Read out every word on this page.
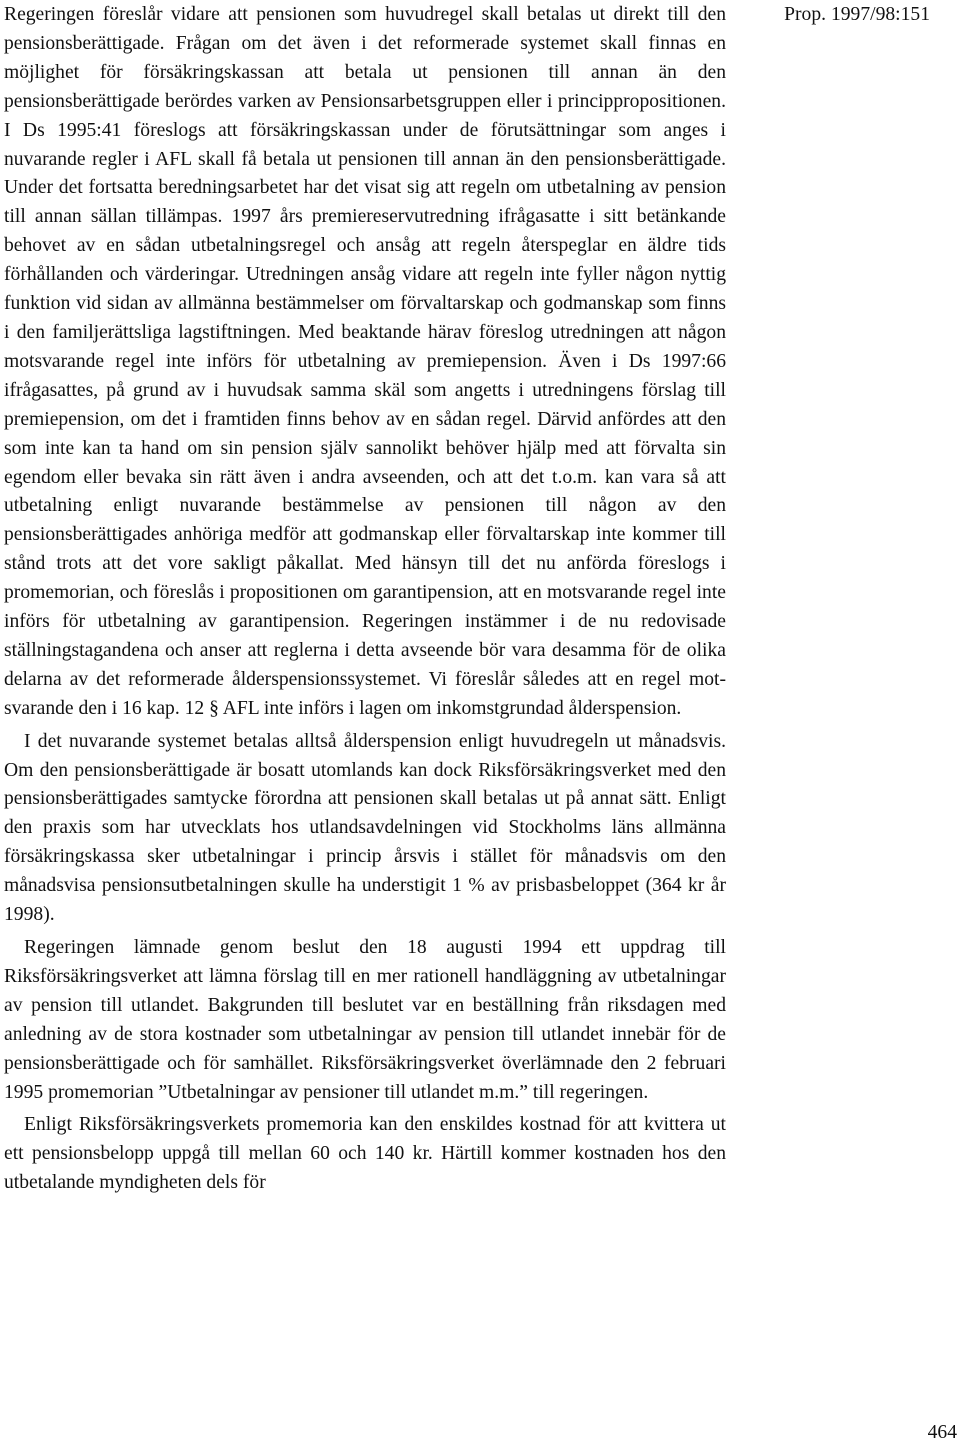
Prop. 1997/98:151

Regeringen föreslår vidare att pensionen som huvudregel skall betalas ut direkt till den pensionsberättigade. Frågan om det även i det reformerade systemet skall finnas en möjlighet för försäkringskassan att betala ut pensionen till annan än den pensionsberättigade berördes varken av Pensionsarbetsgruppen eller i princippropositionen. I Ds 1995:41 föreslogs att försäkringskassan under de förutsättningar som anges i nuvarande regler i AFL skall få betala ut pensionen till annan än den pensionsberättigade. Under det fortsatta beredningsarbetet har det visat sig att regeln om utbetalning av pension till annan sällan tillämpas. 1997 års premiereservutredning ifrågasatte i sitt betänkande behovet av en sådan utbetalningsregel och ansåg att regeln återspeglar en äldre tids förhållanden och värderingar. Utredningen ansåg vidare att regeln inte fyller någon nyttig funktion vid sidan av allmänna bestämmelser om förvaltarskap och godmanskap som finns i den familjerättsliga lagstiftningen. Med beaktande härav föreslog utredningen att någon motsvarande regel inte införs för utbetalning av premiepension. Även i Ds 1997:66 ifrågasattes, på grund av i huvudsak samma skäl som angetts i utredningens förslag till premiepension, om det i framtiden finns behov av en sådan regel. Därvid anfördes att den som inte kan ta hand om sin pension själv sannolikt behöver hjälp med att förvalta sin egendom eller bevaka sin rätt även i andra avseenden, och att det t.o.m. kan vara så att utbetalning enligt nuvarande bestämmelse av pensionen till någon av den pensionsberättigades anhöriga medför att godmanskap eller förvaltarskap inte kommer till stånd trots att det vore sakligt påkallat. Med hänsyn till det nu anförda föreslogs i promemorian, och föreslås i propositionen om garantipension, att en motsvarande regel inte införs för utbetalning av garantipension. Regeringen instämmer i de nu redovisade ställningstagandena och anser att reglerna i detta avseende bör vara desamma för de olika delarna av det reformerade ålderspensionssystemet. Vi föreslår således att en regel motsvarande den i 16 kap. 12 § AFL inte införs i lagen om inkomstgrundad ålderspension.

I det nuvarande systemet betalas alltså ålderspension enligt huvudregeln ut månadsvis. Om den pensionsberättigade är bosatt utomlands kan dock Riksförsäkringsverket med den pensionsberättigades samtycke förordna att pensionen skall betalas ut på annat sätt. Enligt den praxis som har utvecklats hos utlandsavdelningen vid Stockholms läns allmänna försäkringskassa sker utbetalningar i princip årsvis i stället för månadsvis om den månadsvisa pensionsutbetalningen skulle ha understigit 1 % av prisbasbeloppet (364 kr år 1998).

Regeringen lämnade genom beslut den 18 augusti 1994 ett uppdrag till Riksförsäkringsverket att lämna förslag till en mer rationell handläggning av utbetalningar av pension till utlandet. Bakgrunden till beslutet var en beställning från riksdagen med anledning av de stora kostnader som utbetalningar av pension till utlandet innebär för de pensionsberättigade och för samhället. Riksförsäkringsverket överlämnade den 2 februari 1995 promemorian ”Utbetalningar av pensioner till utlandet m.m.” till regeringen.

Enligt Riksförsäkringsverkets promemoria kan den enskildes kostnad för att kvittera ut ett pensionsbelopp uppgå till mellan 60 och 140 kr. Härtill kommer kostnaden hos den utbetalande myndigheten dels för

464
